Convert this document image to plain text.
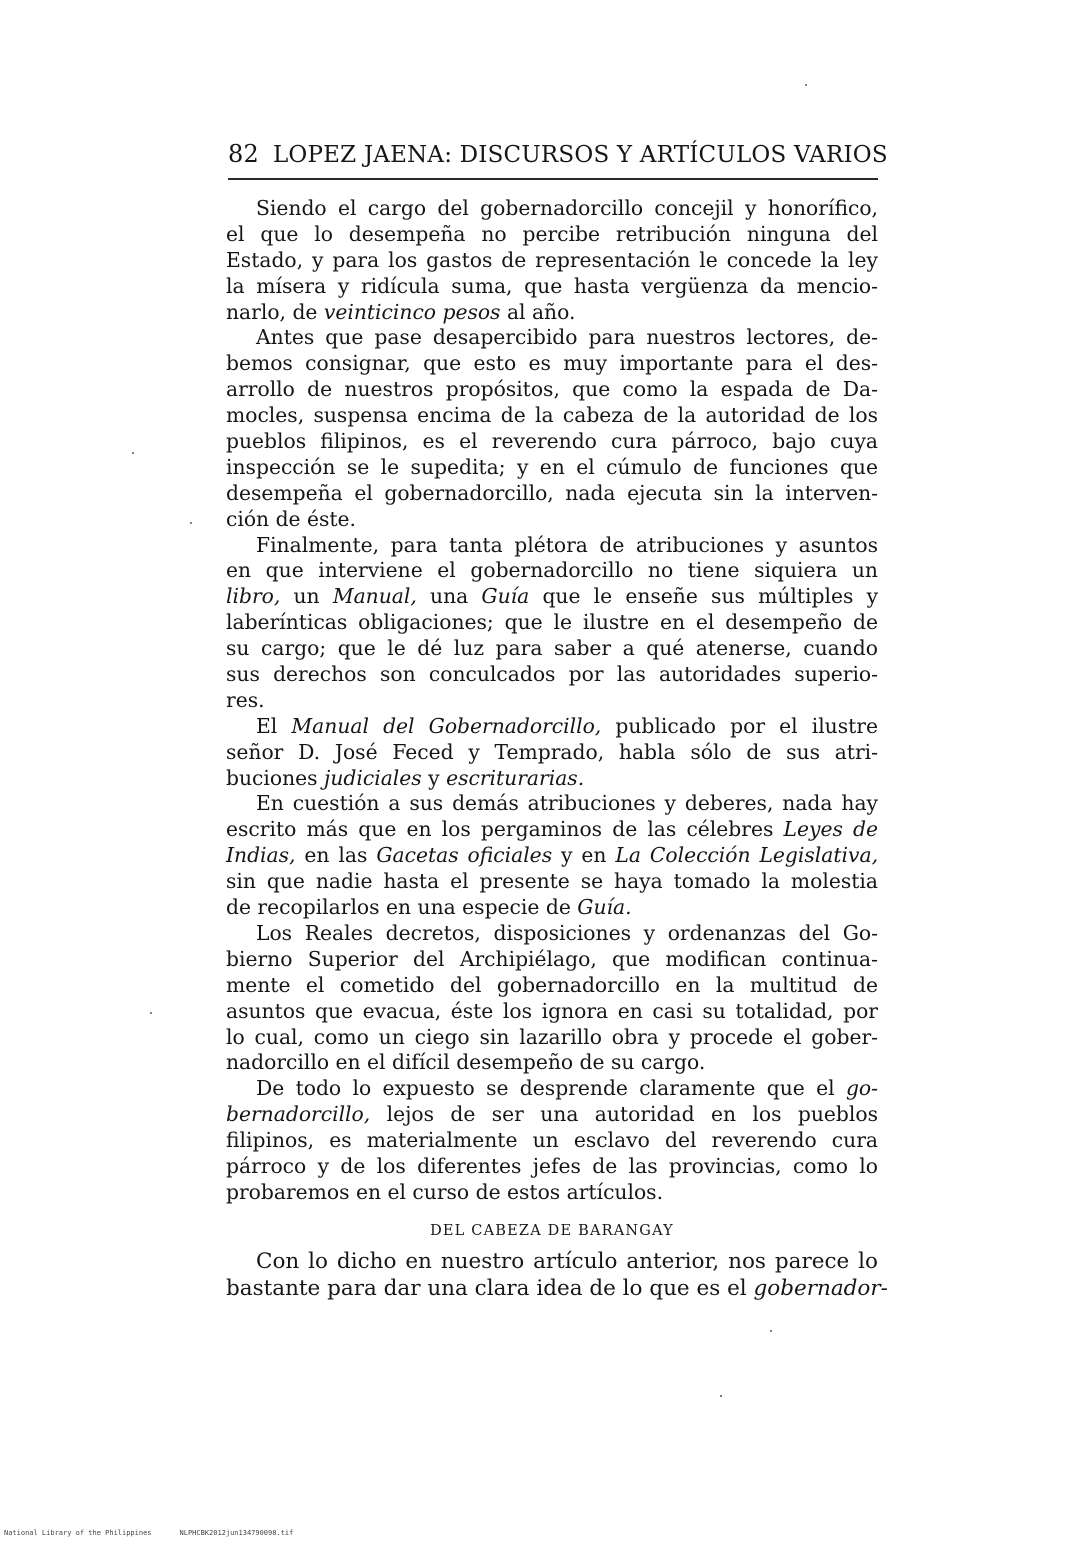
82 LOPEZ JAENA: DISCURSOS Y ARTÍCULOS VARIOS
Siendo el cargo del gobernadorcillo concejil y honorífico,
el que lo desempeña no percibe retribución ninguna del
Estado, y para los gastos de representación le concede la ley
la mísera y ridícula suma, que hasta vergüenza da mencio-
narlo, de veinticinco pesos al año.
Antes que pase desapercibido para nuestros lectores, de-
bemos consignar, que esto es muy importante para el des-
arrollo de nuestros propósitos, que como la espada de Da-
mocles, suspensa encima de la cabeza de la autoridad de los
pueblos filipinos, es el reverendo cura párroco, bajo cuya
inspección se le supedita; y en el cúmulo de funciones que
desempeña el gobernadorcillo, nada ejecuta sin la interven-
ción de éste.
Finalmente, para tanta plétora de atribuciones y asuntos
en que interviene el gobernadorcillo no tiene siquiera un
libro, un Manual, una Guía que le enseñe sus múltiples y
laberínticas obligaciones; que le ilustre en el desempeño de
su cargo; que le dé luz para saber a qué atenerse, cuando
sus derechos son conculcados por las autoridades superio-
res.
El Manual del Gobernadorcillo, publicado por el ilustre
señor D. José Feced y Temprado, habla sólo de sus atri-
buciones judiciales y escriturarias.
En cuestión a sus demás atribuciones y deberes, nada hay
escrito más que en los pergaminos de las célebres Leyes de
Indias, en las Gacetas oficiales y en La Colección Legislativa,
sin que nadie hasta el presente se haya tomado la molestia
de recopilarlos en una especie de Guía.
Los Reales decretos, disposiciones y ordenanzas del Go-
bierno Superior del Archipiélago, que modifican continua-
mente el cometido del gobernadorcillo en la multitud de
asuntos que evacua, éste los ignora en casi su totalidad, por
lo cual, como un ciego sin lazarillo obra y procede el gober-
nadorcillo en el difícil desempeño de su cargo.
De todo lo expuesto se desprende claramente que el go-
bernadorcillo, lejos de ser una autoridad en los pueblos
filipinos, es materialmente un esclavo del reverendo cura
párroco y de los diferentes jefes de las provincias, como lo
probaremos en el curso de estos artículos.
DEL CABEZA DE BARANGAY
Con lo dicho en nuestro artículo anterior, nos parece lo
bastante para dar una clara idea de lo que es el gobernador-
National Library of the Philippines	NLPHCBK2012jun134790098.tif
